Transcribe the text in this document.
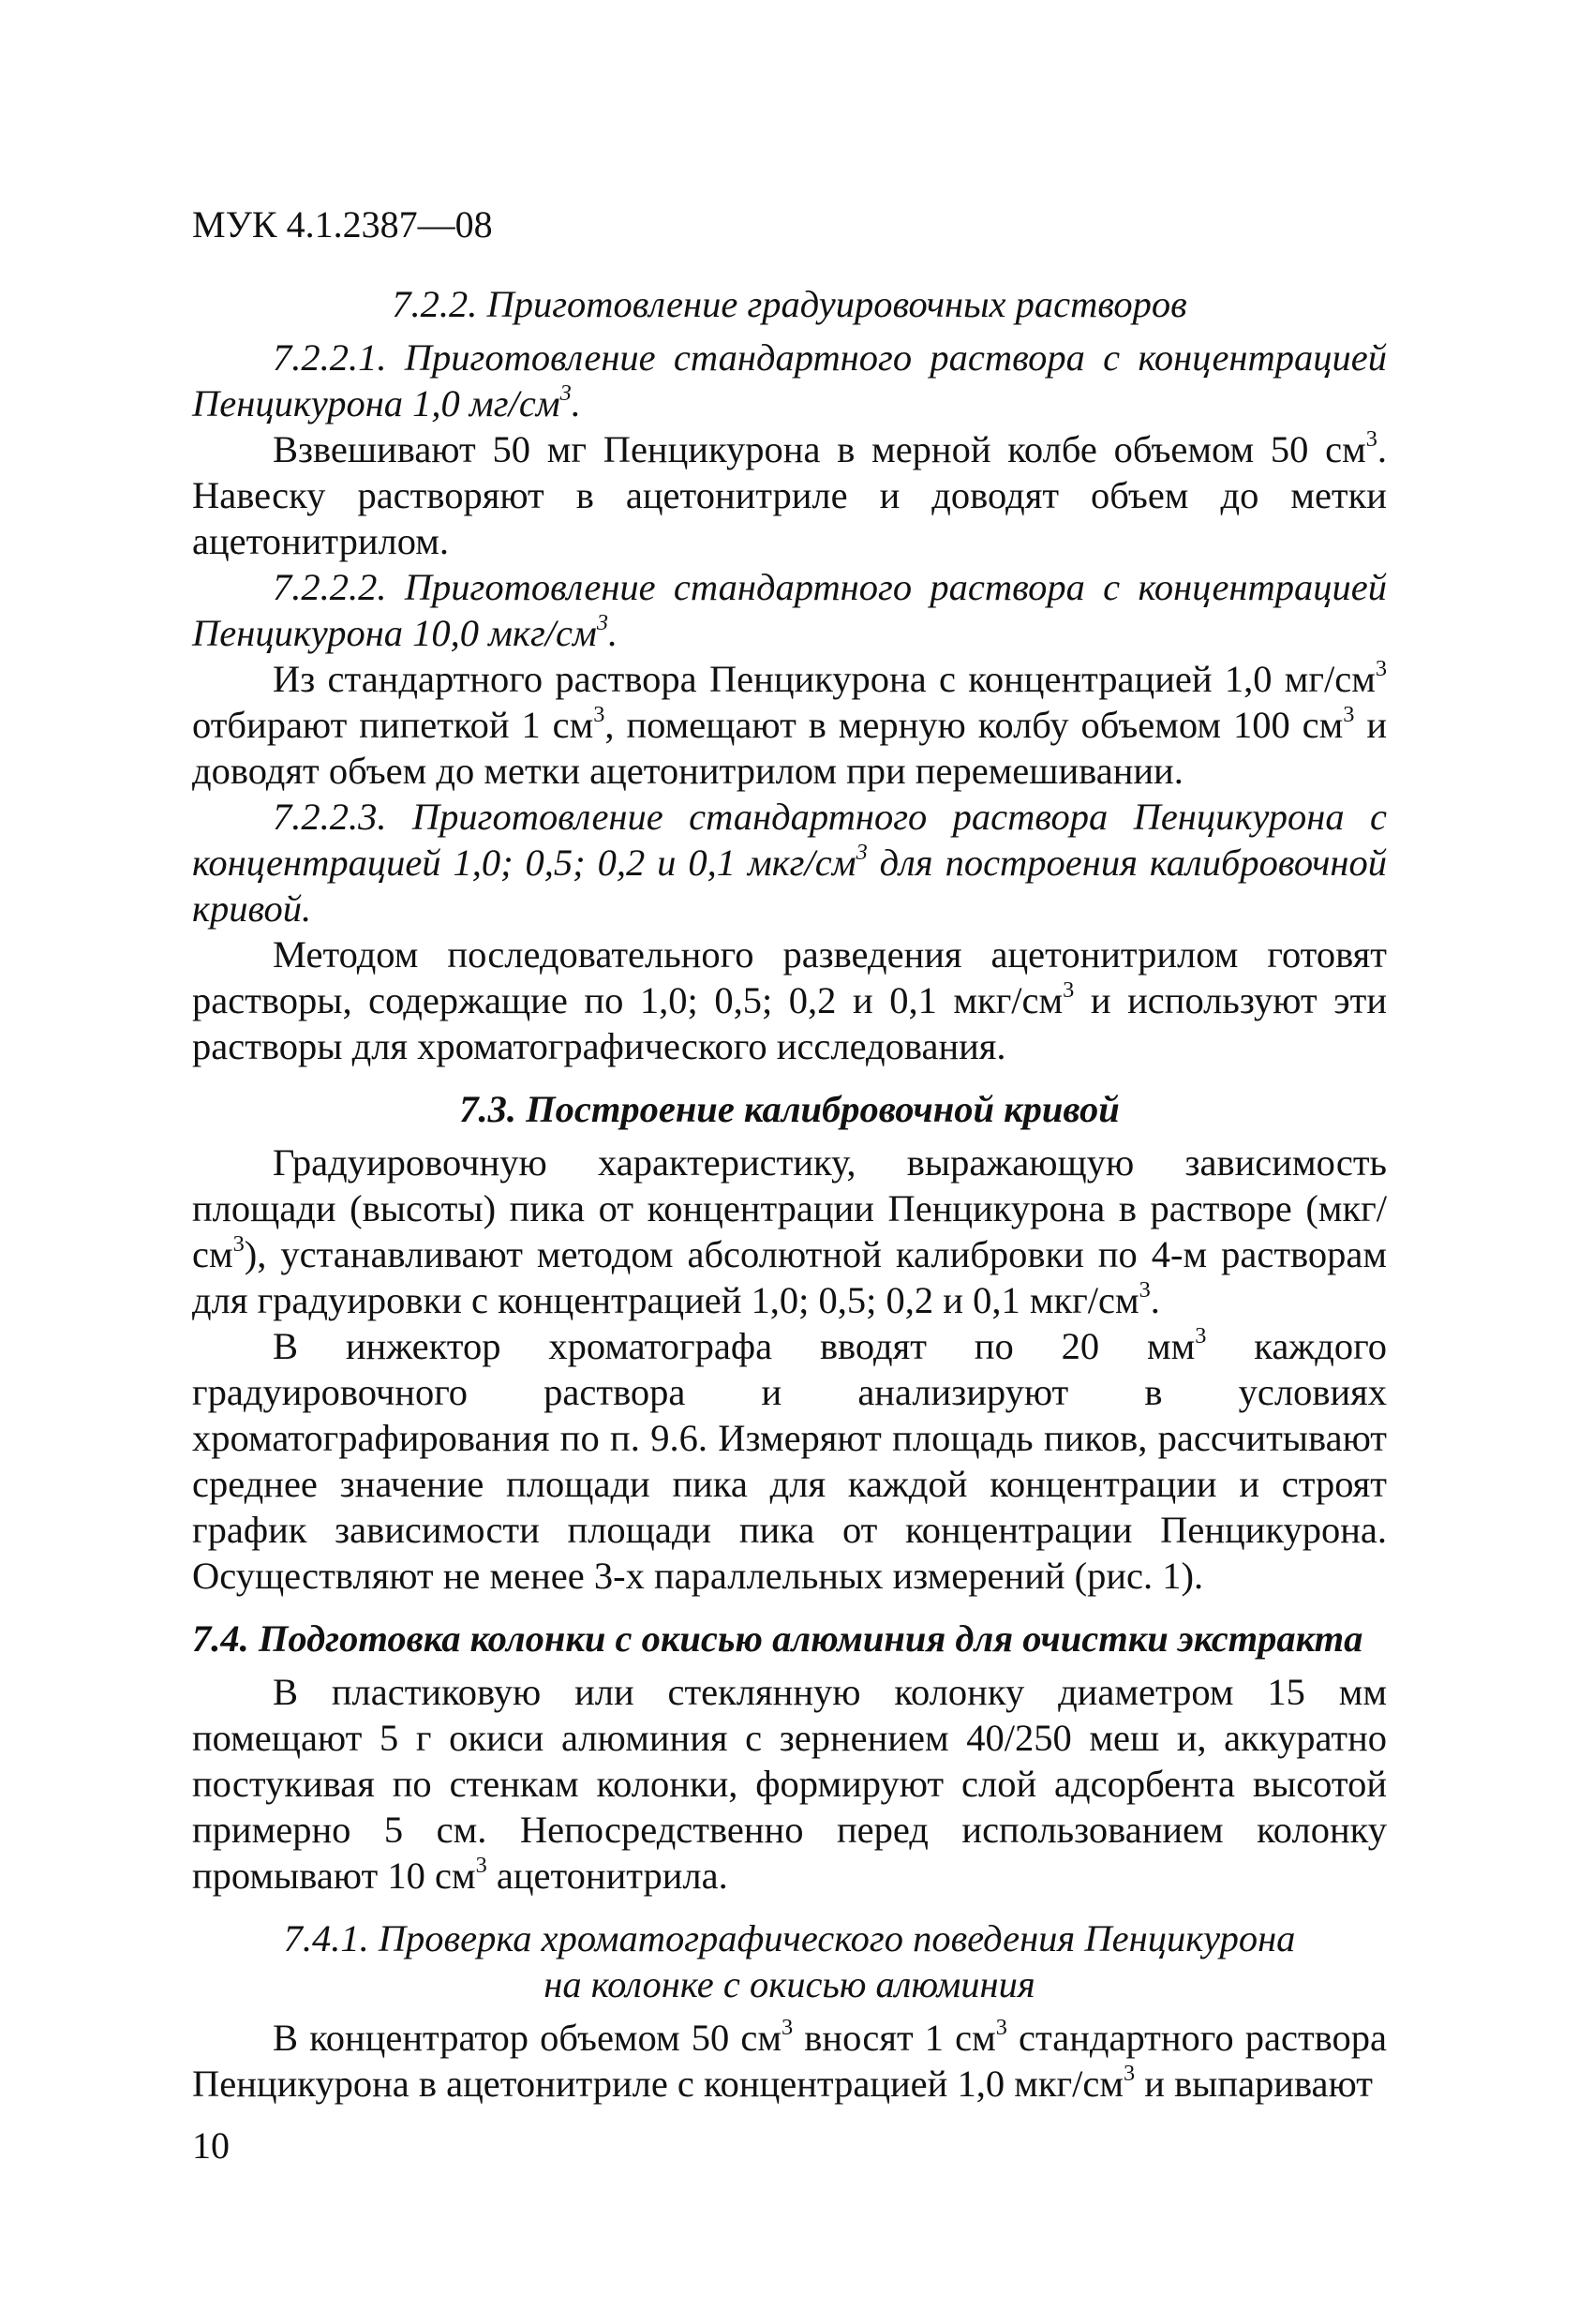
МУК 4.1.2387—08

7.2.2. Приготовление градуировочных растворов

7.2.2.1. Приготовление стандартного раствора с концентрацией Пенцикурона 1,0 $мг/см^3$.

Взвешивают 50 мг Пенцикурона в мерной колбе объемом 50 $см^3$. Навеску растворяют в ацетонитриле и доводят объем до метки ацетонитрилом.

7.2.2.2. Приготовление стандартного раствора с концентрацией Пенцикурона 10,0 мкг/$см^3$.

Из стандартного раствора Пенцикурона с концентрацией 1,0 $мг/см^3$ отбирают пипеткой 1 $см^3$, помещают в мерную колбу объемом 100 $см^3$ и доводят объем до метки ацетонитрилом при перемешивании.

7.2.2.3. Приготовление стандартного раствора Пенцикурона с концентрацией 1,0; 0,5; 0,2 и 0,1 мкг/$см^3$ для построения калибровочной кривой.

Методом последовательного разведения ацетонитрилом готовят растворы, содержащие по 1,0; 0,5; 0,2 и 0,1 мкг/$см^3$ и используют эти растворы для хроматографического исследования.

7.3. Построение калибровочной кривой

Градуировочную характеристику, выражающую зависимость площади (высоты) пика от концентрации Пенцикурона в растворе $(мкг/см^3)$, устанавливают методом абсолютной калибровки по 4-м растворам для градуировки с концентрацией 1,0; 0,5; 0,2 и 0,1 мкг/$см^3$.

В инжектор хроматографа вводят по 20 $мм^3$ каждого градуировочного раствора и анализируют в условиях хроматографирования по п. 9.6. Измеряют площадь пиков, рассчитывают среднее значение площади пика для каждой концентрации и строят график зависимости площади пика от концентрации Пенцикурона. Осуществляют не менее 3-х параллельных измерений (рис. 1).

7.4. Подготовка колонки с окисью алюминия для очистки экстракта

В пластиковую или стеклянную колонку диаметром 15 мм помещают 5 г окиси алюминия с зернением 40/250 меш и, аккуратно постукивая по стенкам колонки, формируют слой адсорбента высотой примерно 5 см. Непосредственно перед использованием колонку промывают 10 $см^3$ ацетонитрила.

7.4.1. Проверка хроматографического поведения Пенцикурона

на колонке с окисью алюминия

В концентратор объемом 50 $см^3$ вносят 1 $см^3$ стандартного раствора Пенцикурона в ацетонитриле с концентрацией 1,0 мкг/$см^3$ и выпаривают

10
